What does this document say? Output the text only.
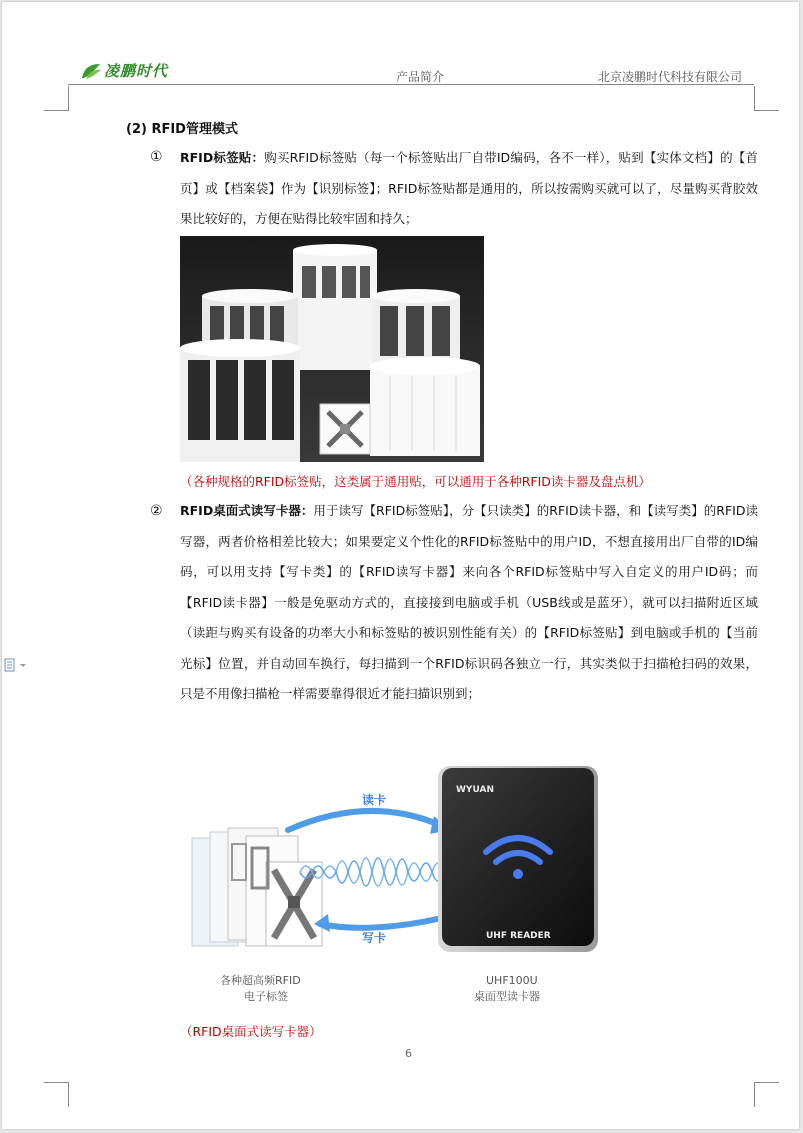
凌鹏时代	产品简介	北京凌鹏时代科技有限公司
(2) RFID管理模式
① RFID标签贴：购买RFID标签贴（每一个标签贴出厂自带ID编码，各不一样），贴到【实体文档】的【首页】或【档案袋】作为【识别标签】；RFID标签贴都是通用的，所以按需购买就可以了，尽量购买背胶效果比较好的，方便在贴得比较牢固和持久；
（各种规格的RFID标签贴，这类属于通用贴，可以通用于各种RFID读卡器及盘点机）
② RFID桌面式读写卡器：用于读写【RFID标签贴】，分【只读类】的RFID读卡器，和【读写类】的RFID读写器，两者价格相差比较大；如果要定义个性化的RFID标签贴中的用户ID，不想直接用出厂自带的ID编码，可以用支持【写卡类】的【RFID读写卡器】来向各个RFID标签贴中写入自定义的用户ID码；而【RFID读卡器】一般是免驱动方式的，直接接到电脑或手机（USB线或是蓝牙），就可以扫描附近区域（读距与购买有设备的功率大小和标签贴的被识别性能有关）的【RFID标签贴】到电脑或手机的【当前光标】位置，并自动回车换行，每扫描到一个RFID标识码各独立一行，其实类似于扫描枪扫码的效果，只是不用像扫描枪一样需要靠得很近才能扫描识别到；
读卡
写卡
WYUAN
UHF READER
各种超高频RFID
电子标签
UHF100U
桌面型读卡器
（RFID桌面式读写卡器）
6
